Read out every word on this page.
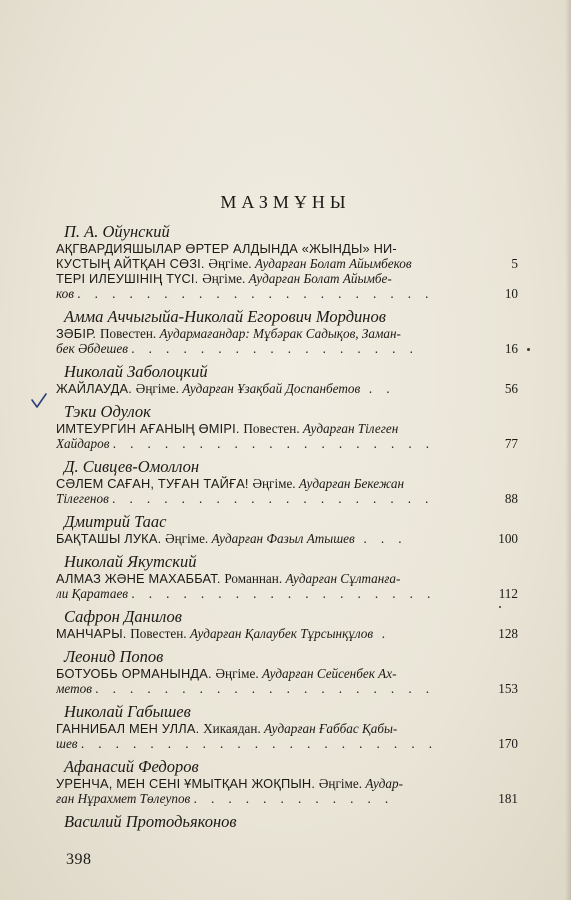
МАЗМҰНЫ
П. А. Ойунский
АҚГВАРДИЯШЫЛАР ӨРТЕР АЛДЫНДА «ЖЫНДЫ» НИ-
КУСТЫҢ АЙТҚАН СӨЗІ. Әңгіме. Аударған Болат Айымбеков	5
ТЕРІ ИЛЕУШІНІҢ ТҮСІ. Әңгіме. Аударған Болат Айымбе-
ков . . . . . . . . . . . . . . . . . . . . .	10
Амма Аччыгыйа-Николай Егорович Мординов
ЗӘБІР. Повестен. Аудармағандар: Мұбәрак Садықов, Заман-
бек Әбдешев . . . . . . . . . . . . . . . . .	16
Николай Заболоцкий
ЖАЙЛАУДА. Әңгіме. Аударған Ұзақбай Доспанбетов . .	56
Тэки Одулок
ИМТЕУРГИН АҒАНЫҢ ӨМІРІ. Повестен. Аударған Тілеген
Хайдаров . . . . . . . . . . . . . . . . . . .	77
Д. Сивцев-Омоллон
СӘЛЕМ САҒАН, ТУҒАН ТАЙҒА! Әңгіме. Аударған Бекежан
Тілегенов . . . . . . . . . . . . . . . . . . .	88
Дмитрий Таас
БАҚТАШЫ ЛУКА. Әңгіме. Аударған Фазыл Атышев . . .	100
Николай Якутский
АЛМАЗ ЖӘНЕ МАХАББАТ. Романнан. Аударған Сұлтанға-
ли Қаратаев . . . . . . . . . . . . . . . . . .	112
Сафрон Данилов
МАНЧАРЫ. Повестен. Аударған Қалаубек Тұрсынқұлов .	128
Леонид Попов
БОТУОБЬ ОРМАНЫНДА. Әңгіме. Аударған Сейсенбек Ах-
метов . . . . . . . . . . . . . . . . . . . .	153
Николай Габышев
ГАННИБАЛ МЕН УЛЛА. Хикаядан. Аударған Ғаббас Қабы-
шев . . . . . . . . . . . . . . . . . . . . .	170
Афанасий Федоров
УРЕНЧА, МЕН СЕНІ ҰМЫТҚАН ЖОҚПЫН. Әңгіме. Аудар-
ған Нұрахмет Төлеупов . . . . . . . . . . . .	181
Василий Протодьяконов
398
